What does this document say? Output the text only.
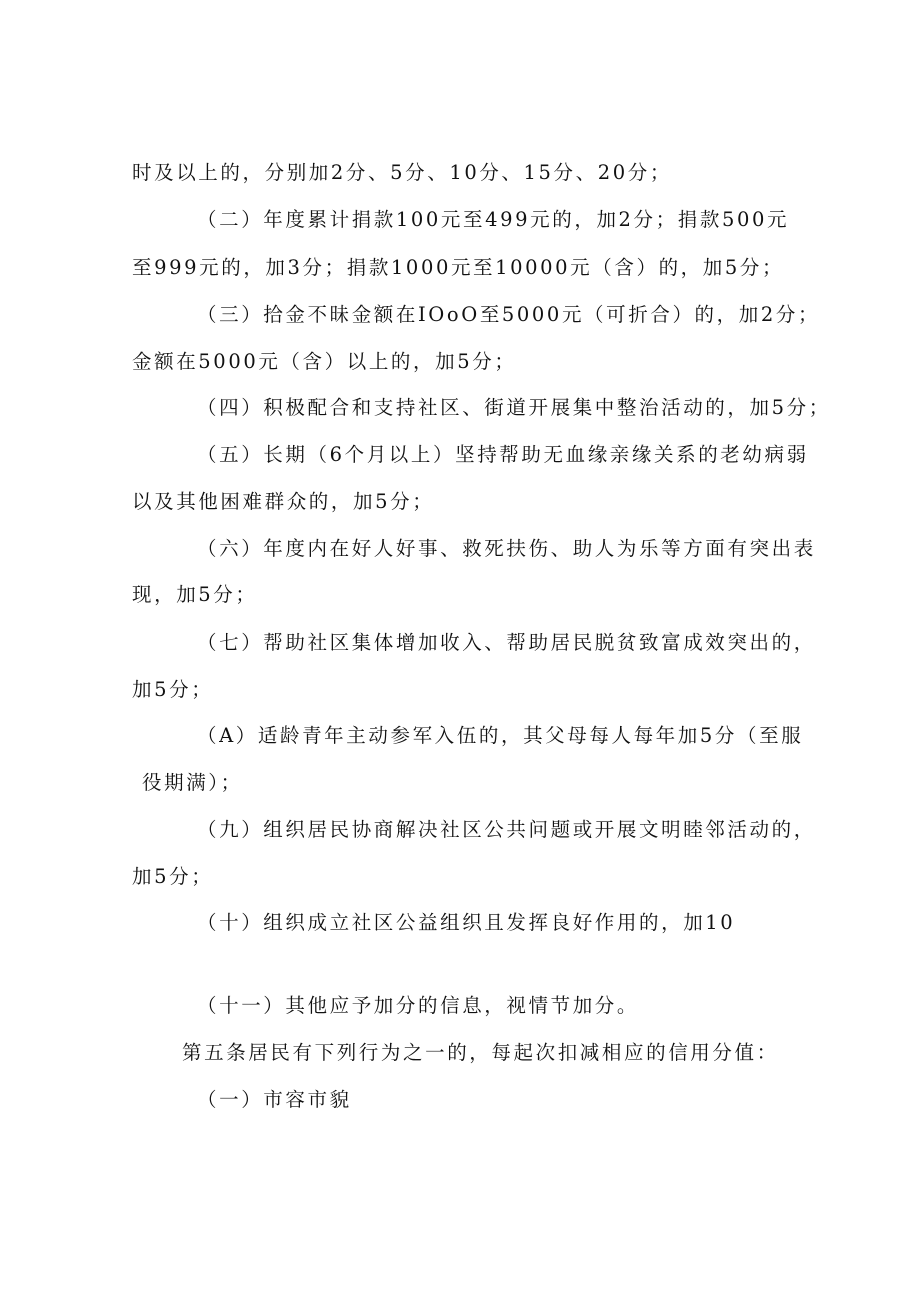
时及以上的，分别加2分、5分、10分、15分、20分；
（二）年度累计捐款100元至499元的，加2分；捐款500元
至999元的，加3分；捐款1000元至10000元（含）的，加5分；
（三）拾金不昧金额在IOoO至5000元（可折合）的，加2分；
金额在5000元（含）以上的，加5分；
（四）积极配合和支持社区、街道开展集中整治活动的，加5分；
（五）长期（6个月以上）坚持帮助无血缘亲缘关系的老幼病弱
以及其他困难群众的，加5分；
（六）年度内在好人好事、救死扶伤、助人为乐等方面有突出表
现，加5分；
（七）帮助社区集体增加收入、帮助居民脱贫致富成效突出的，
加5分；
（A）适龄青年主动参军入伍的，其父母每人每年加5分（至服
役期满）；
（九）组织居民协商解决社区公共问题或开展文明睦邻活动的，
加5分；
（十）组织成立社区公益组织且发挥良好作用的，加10
（十一）其他应予加分的信息，视情节加分。
第五条居民有下列行为之一的，每起次扣减相应的信用分值：
（一）市容市貌
